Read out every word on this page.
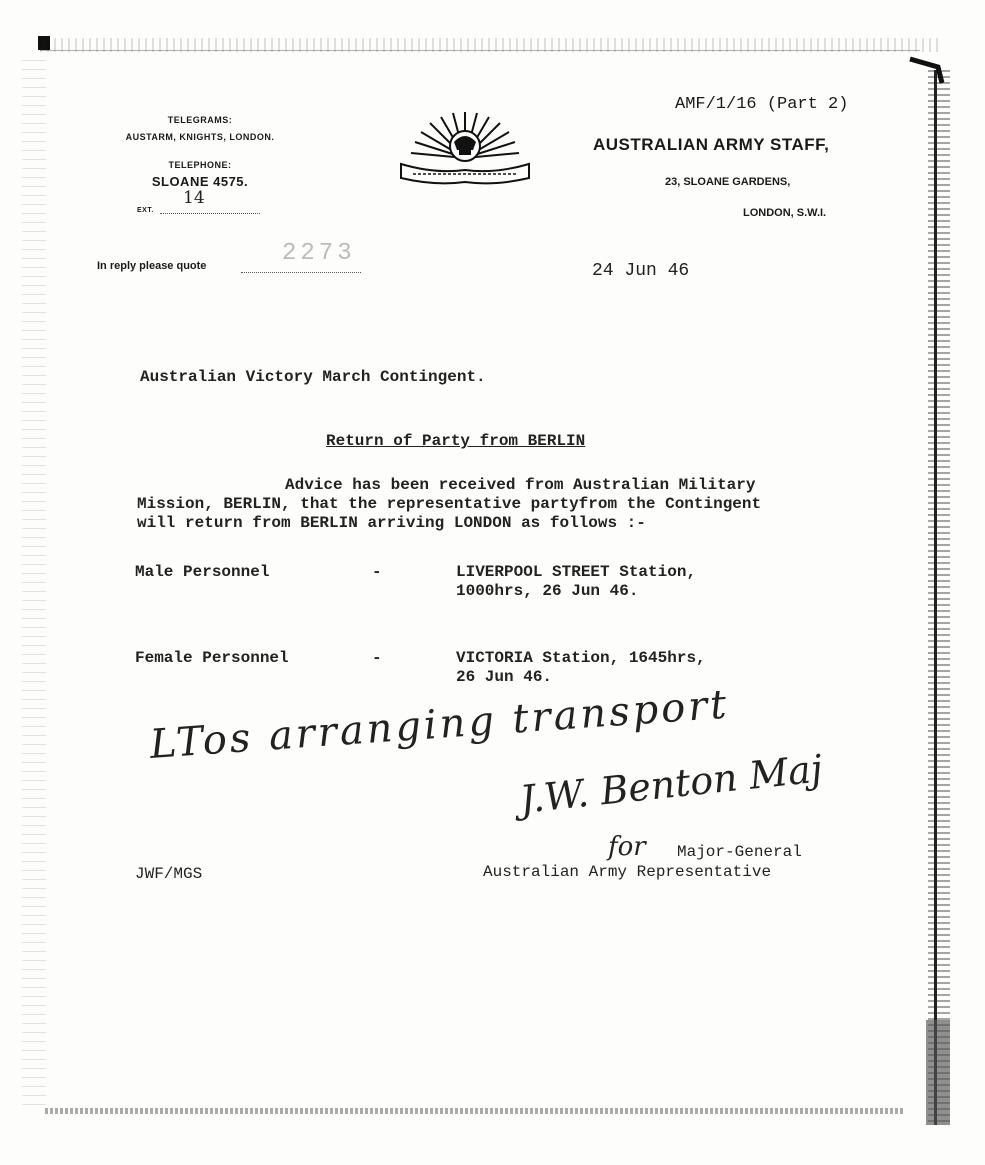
TELEGRAMS:
AUSTARM, KNIGHTS, LONDON.
TELEPHONE:
SLOANE 4575.
14
EXT.
In reply please quote	2273
AMF/1/16 (Part 2)
AUSTRALIAN ARMY STAFF,
23, SLOANE GARDENS,
LONDON, S.W.I.
24 Jun 46
Australian Victory March Contingent.
Return of Party from BERLIN
Advice has been received from Australian Military
Mission, BERLIN, that the representative partyfrom the Contingent
will return from BERLIN arriving LONDON as follows :-
Male Personnel	-	LIVERPOOL STREET Station,
1000hrs, 26 Jun 46.
Female Personnel	-	VICTORIA Station, 1645hrs,
26 Jun 46.
LTos arranging transport
J.W. Benton Maj
for Major-General
JWF/MGS	Australian Army Representative
